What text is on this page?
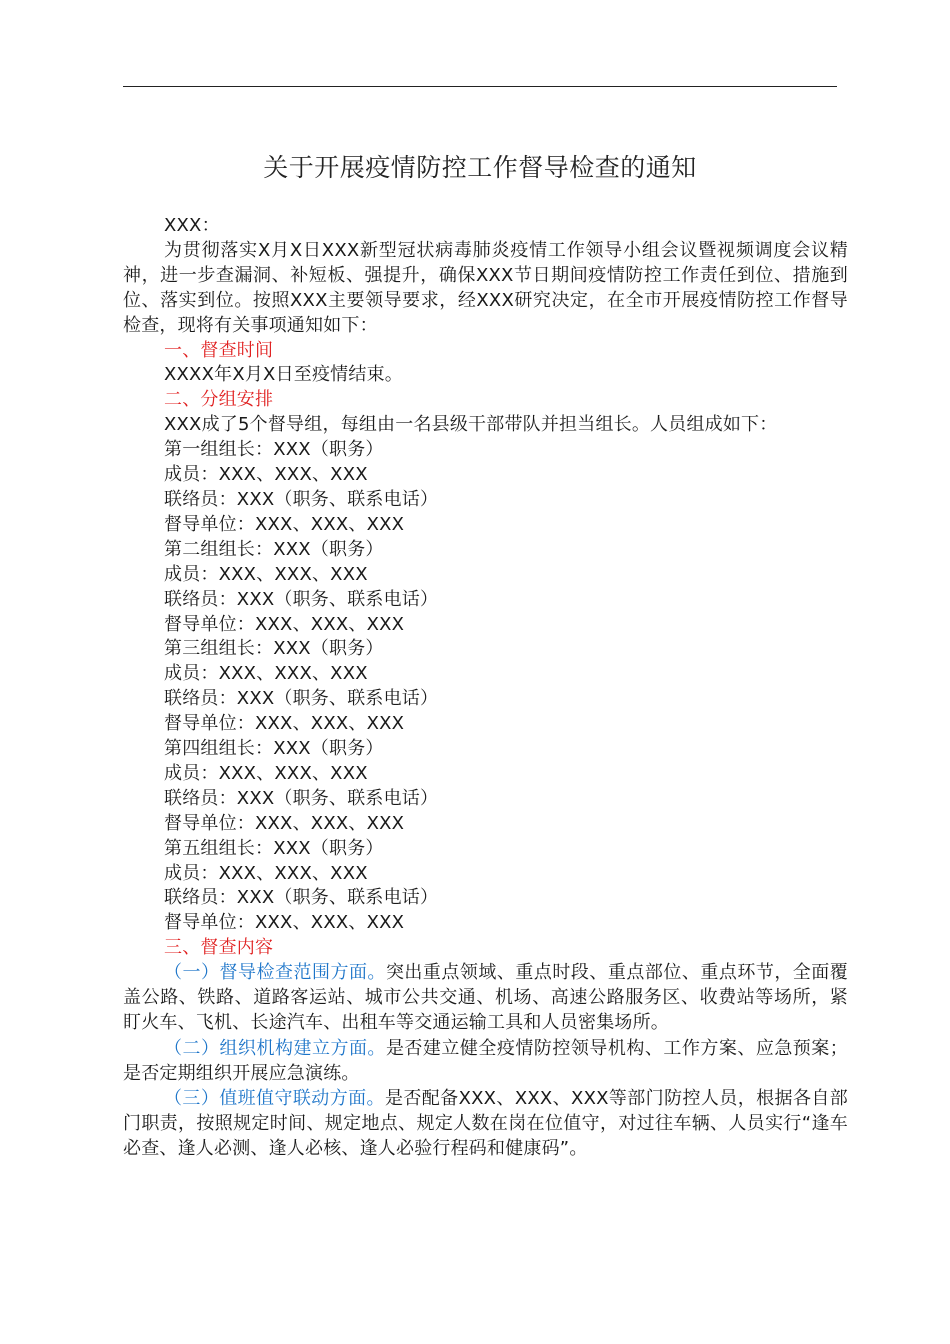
关于开展疫情防控工作督导检查的通知

XXX：

为贯彻落实X月X日XXX新型冠状病毒肺炎疫情工作领导小组会议暨视频调度会议精神，进一步查漏洞、补短板、强提升，确保XXX节日期间疫情防控工作责任到位、措施到位、落实到位。按照XXX主要领导要求，经XXX研究决定，在全市开展疫情防控工作督导检查，现将有关事项通知如下：

一、督查时间

XXXX年X月X日至疫情结束。

二、分组安排

XXX成了5个督导组，每组由一名县级干部带队并担当组长。人员组成如下：

第一组组长：XXX（职务）

成员：XXX、XXX、XXX

联络员：XXX（职务、联系电话）

督导单位：XXX、XXX、XXX

第二组组长：XXX（职务）

成员：XXX、XXX、XXX

联络员：XXX（职务、联系电话）

督导单位：XXX、XXX、XXX

第三组组长：XXX（职务）

成员：XXX、XXX、XXX

联络员：XXX（职务、联系电话）

督导单位：XXX、XXX、XXX

第四组组长：XXX（职务）

成员：XXX、XXX、XXX

联络员：XXX（职务、联系电话）

督导单位：XXX、XXX、XXX

第五组组长：XXX（职务）

成员：XXX、XXX、XXX

联络员：XXX（职务、联系电话）

督导单位：XXX、XXX、XXX

三、督查内容

（一）督导检查范围方面。突出重点领域、重点时段、重点部位、重点环节，全面覆盖公路、铁路、道路客运站、城市公共交通、机场、高速公路服务区、收费站等场所，紧盯火车、飞机、长途汽车、出租车等交通运输工具和人员密集场所。

（二）组织机构建立方面。是否建立健全疫情防控领导机构、工作方案、应急预案；是否定期组织开展应急演练。

（三）值班值守联动方面。是否配备XXX、XXX、XXX等部门防控人员，根据各自部门职责，按照规定时间、规定地点、规定人数在岗在位值守，对过往车辆、人员实行“逢车必查、逢人必测、逢人必核、逢人必验行程码和健康码”。
